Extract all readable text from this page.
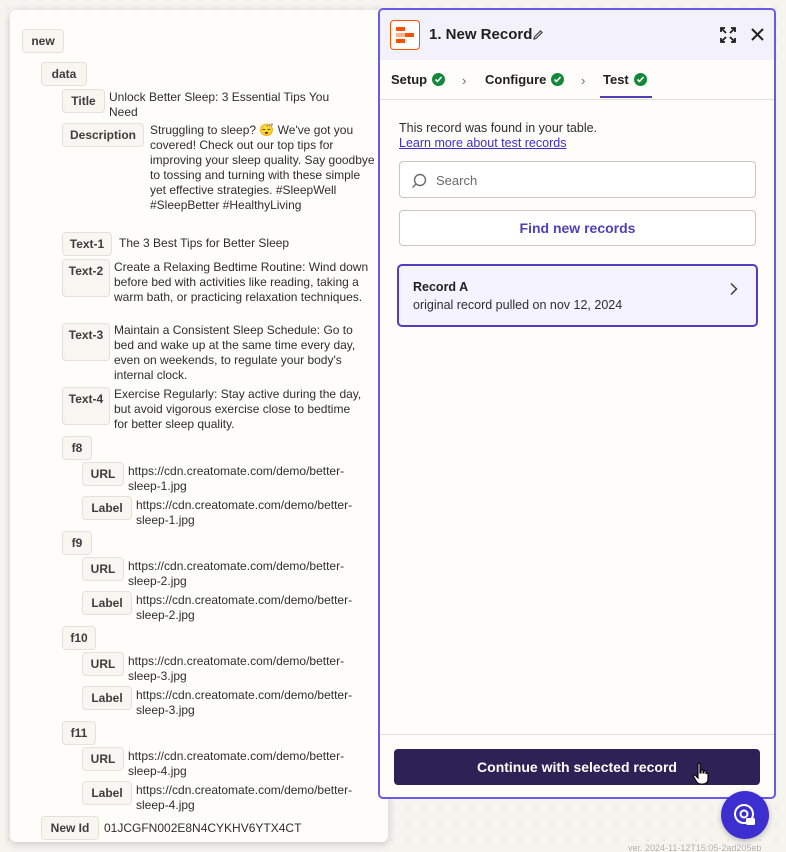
new
data
Title	Unlock Better Sleep: 3 Essential Tips You Need
Description	Struggling to sleep? 😴 We've got you covered! Check out our top tips for improving your sleep quality. Say goodbye to tossing and turning with these simple yet effective strategies. #SleepWell #SleepBetter #HealthyLiving
Text-1	The 3 Best Tips for Better Sleep
Text-2 Create a Relaxing Bedtime Routine: Wind down before bed with activities like reading, taking a warm bath, or practicing relaxation techniques.
Text-3 Maintain a Consistent Sleep Schedule: Go to bed and wake up at the same time every day, even on weekends, to regulate your body's internal clock.
Text-4 Exercise Regularly: Stay active during the day, but avoid vigorous exercise close to bedtime for better sleep quality.
f8
URL	https://cdn.creatomate.com/demo/better-sleep-1.jpg
Label	https://cdn.creatomate.com/demo/better-sleep-1.jpg
f9
URL	https://cdn.creatomate.com/demo/better-sleep-2.jpg
Label	https://cdn.creatomate.com/demo/better-sleep-2.jpg
f10
URL	https://cdn.creatomate.com/demo/better-sleep-3.jpg
Label	https://cdn.creatomate.com/demo/better-sleep-3.jpg
f11
URL	https://cdn.creatomate.com/demo/better-sleep-4.jpg
Label	https://cdn.creatomate.com/demo/better-sleep-4.jpg
New Id	01JCGFN002E8N4CYKHV6YTX4CT
1. New Record
Setup	› Configure	› Test
This record was found in your table.
Learn more about test records
Search
Find new records
Record A
original record pulled on nov 12, 2024
Continue with selected record
ver. 2024-11-12T15:05-2ad205eb
